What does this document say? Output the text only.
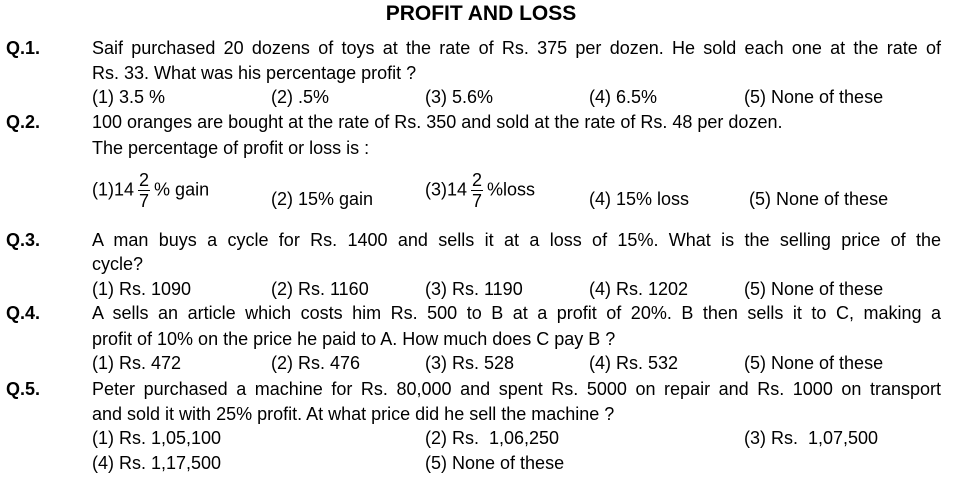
PROFIT AND LOSS
Q.1.	Saif purchased 20 dozens of toys at the rate of Rs. 375 per dozen. He sold each one at the rate of
Rs. 33. What was his percentage profit ?
(1) 3.5 %	(2) .5%	(3) 5.6%	(4) 6.5%	(5) None of these
Q.2.	100 oranges are bought at the rate of Rs. 350 and sold at the rate of Rs. 48 per dozen.
The percentage of profit or loss is :
$(1)14 \frac{2}{7}$ % gain	(2) 15% gain	$(3)14 \frac{2}{7}$ %loss	(4) 15% loss	(5) None of these
Q.3.	A man buys a cycle for Rs. 1400 and sells it at a loss of 15%. What is the selling price of the
cycle?
(1) Rs. 1090	(2) Rs. 1160	(3) Rs. 1190	(4) Rs. 1202	(5) None of these
Q.4.	A sells an article which costs him Rs. 500 to B at a profit of 20%. B then sells it to C, making a
profit of 10% on the price he paid to A. How much does C pay B ?
(1) Rs. 472	(2) Rs. 476	(3) Rs. 528	(4) Rs. 532	(5) None of these
Q.5.	Peter purchased a machine for Rs. 80,000 and spent Rs. 5000 on repair and Rs. 1000 on transport
and sold it with 25% profit. At what price did he sell the machine ?
(1) Rs. 1,05,100	(2) Rs.  1,06,250	(3) Rs.  1,07,500
(4) Rs. 1,17,500	(5) None of these
